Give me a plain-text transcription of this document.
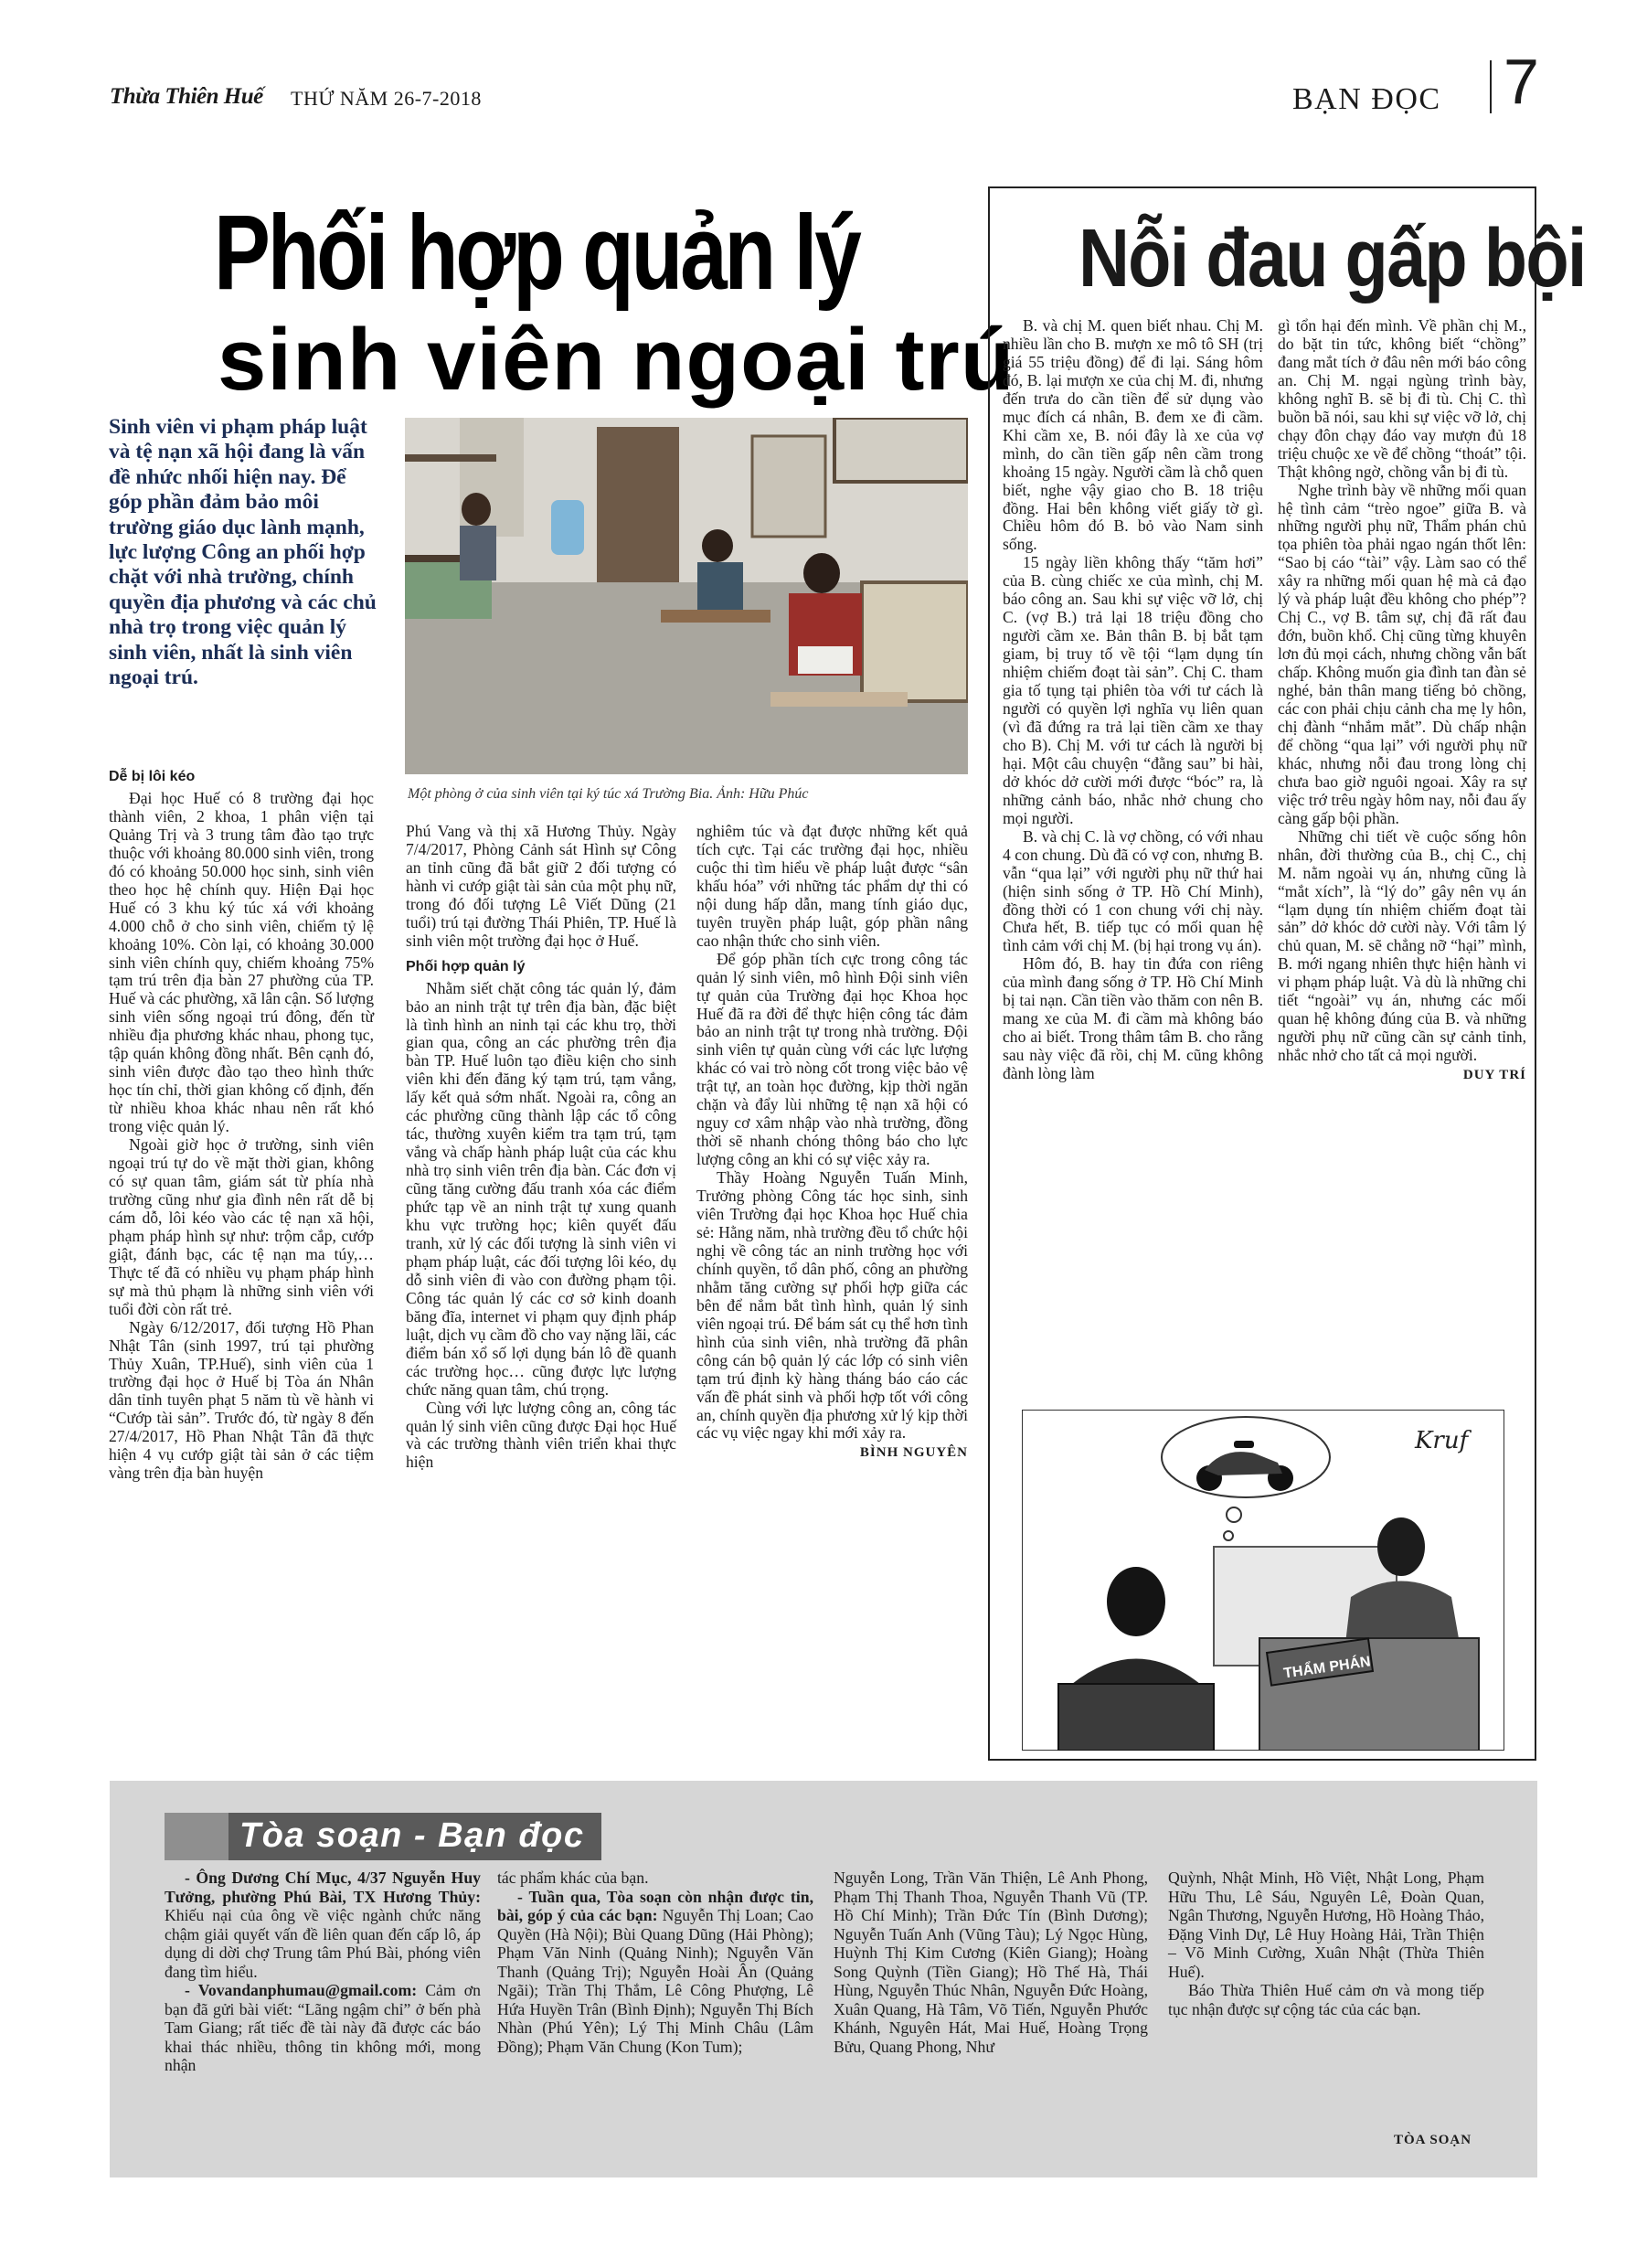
Thừa Thiên Huế THỨ NĂM 26-7-2018	BẠN ĐỌC 7
Phối hợp quản lý
sinh viên ngoại trú
Sinh viên vi phạm pháp luật và tệ nạn xã hội đang là vấn đề nhức nhối hiện nay. Để góp phần đảm bảo môi trường giáo dục lành mạnh, lực lượng Công an phối hợp chặt với nhà trường, chính quyền địa phương và các chủ nhà trọ trong việc quản lý sinh viên, nhất là sinh viên ngoại trú.
Một phòng ở của sinh viên tại ký túc xá Trường Bia. Ảnh: Hữu Phúc

Dễ bị lôi kéo

Đại học Huế có 8 trường đại học thành viên, 2 khoa, 1 phân viện tại Quảng Trị và 3 trung tâm đào tạo trực thuộc với khoảng 80.000 sinh viên, trong đó có khoảng 50.000 học sinh, sinh viên theo học hệ chính quy. Hiện Đại học Huế có 3 khu ký túc xá với khoảng 4.000 chỗ ở cho sinh viên, chiếm tỷ lệ khoảng 10%. Còn lại, có khoảng 30.000 sinh viên chính quy, chiếm khoảng 75% tạm trú trên địa bàn 27 phường của TP. Huế và các phường, xã lân cận. Số lượng sinh viên sống ngoại trú đông, đến từ nhiều địa phương khác nhau, phong tục, tập quán không đồng nhất. Bên cạnh đó, sinh viên được đào tạo theo hình thức học tín chỉ, thời gian không cố định, đến từ nhiều khoa khác nhau nên rất khó trong việc quản lý.

Ngoài giờ học ở trường, sinh viên ngoại trú tự do về mặt thời gian, không có sự quan tâm, giám sát từ phía nhà trường cũng như gia đình nên rất dễ bị cám dỗ, lôi kéo vào các tệ nạn xã hội, phạm pháp hình sự như: trộm cắp, cướp giật, đánh bạc, các tệ nạn ma túy,… Thực tế đã có nhiều vụ phạm pháp hình sự mà thủ phạm là những sinh viên với tuổi đời còn rất trẻ.

Ngày 6/12/2017, đối tượng Hồ Phan Nhật Tân (sinh 1997, trú tại phường Thủy Xuân, TP.Huế), sinh viên của 1 trường đại học ở Huế bị Tòa án Nhân dân tỉnh tuyên phạt 5 năm tù về hành vi “Cướp tài sản”. Trước đó, từ ngày 8 đến 27/4/2017, Hồ Phan Nhật Tân đã thực hiện 4 vụ cướp giật tài sản ở các tiệm vàng trên địa bàn huyện

Phú Vang và thị xã Hương Thủy. Ngày 7/4/2017, Phòng Cảnh sát Hình sự Công an tỉnh cũng đã bắt giữ 2 đối tượng có hành vi cướp giật tài sản của một phụ nữ, trong đó đối tượng Lê Viết Dũng (21 tuổi) trú tại đường Thái Phiên, TP. Huế là sinh viên một trường đại học ở Huế.

Phối hợp quản lý

Nhằm siết chặt công tác quản lý, đảm bảo an ninh trật tự trên địa bàn, đặc biệt là tình hình an ninh tại các khu trọ, thời gian qua, công an các phường trên địa bàn TP. Huế luôn tạo điều kiện cho sinh viên khi đến đăng ký tạm trú, tạm vắng, lấy kết quả sớm nhất. Ngoài ra, công an các phường cũng thành lập các tổ công tác, thường xuyên kiểm tra tạm trú, tạm vắng và chấp hành pháp luật của các khu nhà trọ sinh viên trên địa bàn. Các đơn vị cũng tăng cường đấu tranh xóa các điểm phức tạp về an ninh trật tự xung quanh khu vực trường học; kiên quyết đấu tranh, xử lý các đối tượng là sinh viên vi phạm pháp luật, các đối tượng lôi kéo, dụ dỗ sinh viên đi vào con đường phạm tội. Công tác quản lý các cơ sở kinh doanh băng đĩa, internet vi phạm quy định pháp luật, dịch vụ cầm đồ cho vay nặng lãi, các điểm bán xổ số lợi dụng bán lô đề quanh các trường học… cũng được lực lượng chức năng quan tâm, chú trọng.

Cùng với lực lượng công an, công tác quản lý sinh viên cũng được Đại học Huế và các trường thành viên triển khai thực hiện

nghiêm túc và đạt được những kết quả tích cực. Tại các trường đại học, nhiều cuộc thi tìm hiểu về pháp luật được “sân khấu hóa” với những tác phẩm dự thi có nội dung hấp dẫn, mang tính giáo dục, tuyên truyền pháp luật, góp phần nâng cao nhận thức cho sinh viên.

Để góp phần tích cực trong công tác quản lý sinh viên, mô hình Đội sinh viên tự quản của Trường đại học Khoa học Huế đã ra đời để thực hiện công tác đảm bảo an ninh trật tự trong nhà trường. Đội sinh viên tự quản cùng với các lực lượng khác có vai trò nòng cốt trong việc bảo vệ trật tự, an toàn học đường, kịp thời ngăn chặn và đẩy lùi những tệ nạn xã hội có nguy cơ xâm nhập vào nhà trường, đồng thời sẽ nhanh chóng thông báo cho lực lượng công an khi có sự việc xảy ra.

Thầy Hoàng Nguyễn Tuấn Minh, Trưởng phòng Công tác học sinh, sinh viên Trường đại học Khoa học Huế chia sẻ: Hằng năm, nhà trường đều tổ chức hội nghị về công tác an ninh trường học với chính quyền, tổ dân phố, công an phường nhằm tăng cường sự phối hợp giữa các bên để nắm bắt tình hình, quản lý sinh viên ngoại trú. Để bám sát cụ thể hơn tình hình của sinh viên, nhà trường đã phân công cán bộ quản lý các lớp có sinh viên tạm trú định kỳ hàng tháng báo cáo các vấn đề phát sinh và phối hợp tốt với công an, chính quyền địa phương xử lý kịp thời các vụ việc ngay khi mới xảy ra.

BÌNH NGUYÊN

Nỗi đau gấp bội

B. và chị M. quen biết nhau. Chị M. nhiều lần cho B. mượn xe mô tô SH (trị giá 55 triệu đồng) để đi lại. Sáng hôm đó, B. lại mượn xe của chị M. đi, nhưng đến trưa do cần tiền để sử dụng vào mục đích cá nhân, B. đem xe đi cầm. Khi cầm xe, B. nói đây là xe của vợ mình, do cần tiền gấp nên cầm trong khoảng 15 ngày. Người cầm là chỗ quen biết, nghe vậy giao cho B. 18 triệu đồng. Hai bên không viết giấy tờ gì. Chiều hôm đó B. bỏ vào Nam sinh sống.

15 ngày liền không thấy “tăm hơi” của B. cùng chiếc xe của mình, chị M. báo công an. Sau khi sự việc vỡ lở, chị C. (vợ B.) trả lại 18 triệu đồng cho người cầm xe. Bản thân B. bị bắt tạm giam, bị truy tố về tội “lạm dụng tín nhiệm chiếm đoạt tài sản”. Chị C. tham gia tố tụng tại phiên tòa với tư cách là người có quyền lợi nghĩa vụ liên quan (vì đã đứng ra trả lại tiền cầm xe thay cho B). Chị M. với tư cách là người bị hại. Một câu chuyện “đằng sau” bi hài, dở khóc dở cười mới được “bóc” ra, là những cảnh báo, nhắc nhở chung cho mọi người.

B. và chị C. là vợ chồng, có với nhau 4 con chung. Dù đã có vợ con, nhưng B. vẫn “qua lại” với người phụ nữ thứ hai (hiện sinh sống ở TP. Hồ Chí Minh), đồng thời có 1 con chung với chị này. Chưa hết, B. tiếp tục có mối quan hệ tình cảm với chị M. (bị hại trong vụ án).

Hôm đó, B. hay tin đứa con riêng của mình đang sống ở TP. Hồ Chí Minh bị tai nạn. Cần tiền vào thăm con nên B. mang xe của M. đi cầm mà không báo cho ai biết. Trong thâm tâm B. cho rằng sau này việc đã rồi, chị M. cũng không đành lòng làm

gì tổn hại đến mình. Về phần chị M., do bặt tin tức, không biết “chồng” đang mắt tích ở đâu nên mới báo công an. Chị M. ngại ngùng trình bày, không nghĩ B. sẽ bị đi tù. Chị C. thì buồn bã nói, sau khi sự việc vỡ lở, chị chạy đôn chạy đáo vay mượn đủ 18 triệu chuộc xe về để chồng “thoát” tội. Thật không ngờ, chồng vẫn bị đi tù.

Nghe trình bày về những mối quan hệ tình cảm “trèo ngoe” giữa B. và những người phụ nữ, Thẩm phán chủ tọa phiên tòa phải ngao ngán thốt lên: “Sao bị cáo “tài” vậy. Làm sao có thể xây ra những mối quan hệ mà cả đạo lý và pháp luật đều không cho phép”? Chị C., vợ B. tâm sự, chị đã rất đau đớn, buồn khổ. Chị cũng từng khuyên lơn đủ mọi cách, nhưng chồng vẫn bất chấp. Không muốn gia đình tan đàn sẻ nghé, bản thân mang tiếng bỏ chồng, các con phải chịu cảnh cha mẹ ly hôn, chị đành “nhắm mắt”. Dù chấp nhận để chồng “qua lại” với người phụ nữ khác, nhưng nỗi đau trong lòng chị chưa bao giờ nguôi ngoai. Xây ra sự việc trớ trêu ngày hôm nay, nỗi đau ấy càng gấp bội phần.

Những chi tiết về cuộc sống hôn nhân, đời thường của B., chị C., chị M. nằm ngoài vụ án, nhưng cũng là “mắt xích”, là “lý do” gây nên vụ án “lạm dụng tín nhiệm chiếm đoạt tài sản” dở khóc dở cười này. Với tâm lý chủ quan, M. sẽ chẳng nỡ “hại” mình, B. mới ngang nhiên thực hiện hành vi vi phạm pháp luật. Và dù là những chi tiết “ngoài” vụ án, nhưng các mối quan hệ không đúng của B. và những người phụ nữ cũng cần sự cảnh tỉnh, nhắc nhở cho tất cả mọi người.

DUY TRÍ

Kruf
THẨM PHÁN
Tòa soạn - Bạn đọc

- Ông Dương Chí Mục, 4/37 Nguyễn Huy Tưởng, phường Phú Bài, TX Hương Thủy: Khiếu nại của ông về việc ngành chức năng chậm giải quyết vấn đề liên quan đến cấp lô, áp dụng di dời chợ Trung tâm Phú Bài, phóng viên đang tìm hiểu.

- Vovandanphumau@gmail.com: Cảm ơn bạn đã gửi bài viết: “Lãng ngậm chỉ” ở bến phà Tam Giang; rất tiếc đề tài này đã được các báo khai thác nhiều, thông tin không mới, mong nhận

tác phẩm khác của bạn.

- Tuần qua, Tòa soạn còn nhận được tin, bài, góp ý của các bạn: Nguyễn Thị Loan; Cao Quyền (Hà Nội); Bùi Quang Dũng (Hải Phòng); Phạm Văn Ninh (Quảng Ninh); Nguyễn Văn Thanh (Quảng Trị); Nguyễn Hoài Ân (Quảng Ngãi); Trần Thị Thắm, Lê Công Phượng, Lê Hứa Huyền Trân (Bình Định); Nguyễn Thị Bích Nhàn (Phú Yên); Lý Thị Minh Châu (Lâm Đồng); Phạm Văn Chung (Kon Tum);

Nguyễn Long, Trần Văn Thiện, Lê Anh Phong, Phạm Thị Thanh Thoa, Nguyễn Thanh Vũ (TP. Hồ Chí Minh); Trần Đức Tín (Bình Dương); Nguyễn Tuấn Anh (Vũng Tàu); Lý Ngọc Hùng, Huỳnh Thị Kim Cương (Kiên Giang); Hoàng Song Quỳnh (Tiền Giang); Hồ Thế Hà, Thái Hùng, Nguyễn Thúc Nhân, Nguyễn Đức Hoàng, Xuân Quang, Hà Tâm, Võ Tiến, Nguyễn Phước Khánh, Nguyên Hát, Mai Huế, Hoàng Trọng Bửu, Quang Phong, Như

Quỳnh, Nhật Minh, Hồ Việt, Nhật Long, Phạm Hữu Thu, Lê Sáu, Nguyên Lê, Đoàn Quan, Ngân Thương, Nguyễn Hương, Hồ Hoàng Thảo, Đặng Vinh Dự, Lê Huy Hoàng Hải, Trần Thiện – Võ Minh Cường, Xuân Nhật (Thừa Thiên Huế).

Báo Thừa Thiên Huế cảm ơn và mong tiếp tục nhận được sự cộng tác của các bạn.

TÒA SOẠN
